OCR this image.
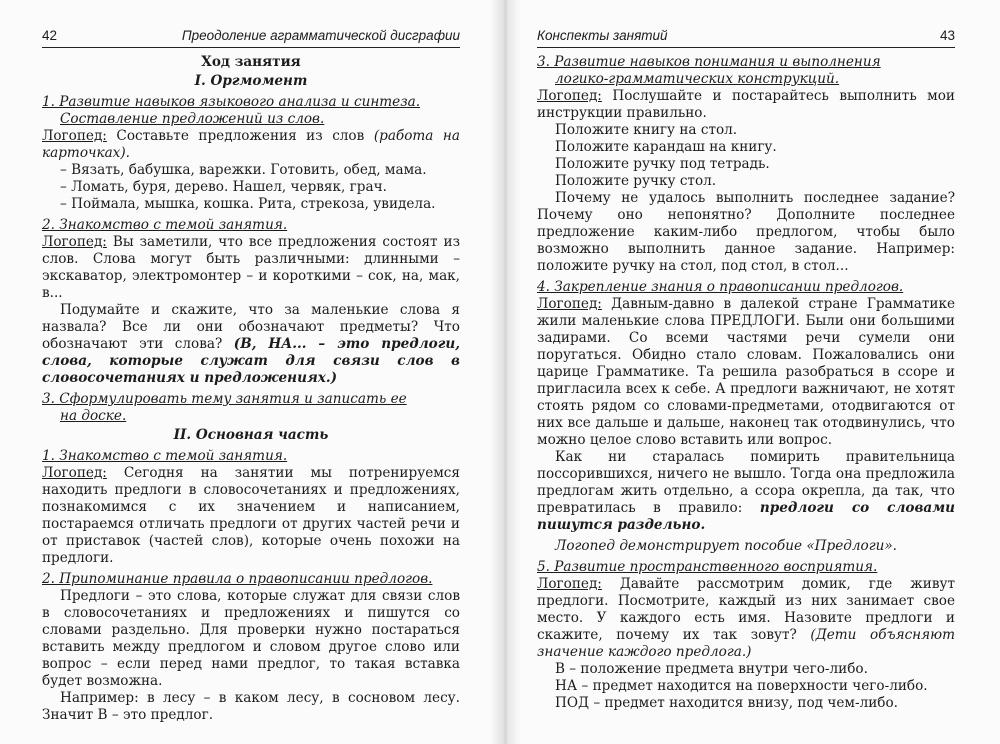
42	Преодоление аграмматической дисграфии

Ход занятия

I. Оргмомент

1. Развитие навыков языкового анализа и синтеза.
Составление предложений из слов.

Логопед: Составьте предложения из слов (работа на карточках).

– Вязать, бабушка, варежки. Готовить, обед, мама.

– Ломать, буря, дерево. Нашел, червяк, грач.

– Поймала, мышка, кошка. Рита, стрекоза, увидела.

2. Знакомство с темой занятия.

Логопед: Вы заметили, что все предложения состоят из слов. Слова могут быть различными: длинными – экскаватор, электромонтер – и короткими – сок, на, мак, в...

Подумайте и скажите, что за маленькие слова я назвала? Все ли они обозначают предметы? Что обозначают эти слова? (В, НА... – это предлоги, слова, которые служат для связи слов в словосочетаниях и предложениях.)

3. Сформулировать тему занятия и записать ее
на доске.

II. Основная часть

1. Знакомство с темой занятия.

Логопед: Сегодня на занятии мы потренируемся находить предлоги в словосочетаниях и предложениях, познакомимся с их значением и написанием, постараемся отличать предлоги от других частей речи и от приставок (частей слов), которые очень похожи на предлоги.

2. Припоминание правила о правописании предлогов.

Предлоги – это слова, которые служат для связи слов в словосочетаниях и предложениях и пишутся со словами раздельно. Для проверки нужно постараться вставить между предлогом и словом другое слово или вопрос – если перед нами предлог, то такая вставка будет возможна.

Например: в лесу – в каком лесу, в сосновом лесу. Значит В – это предлог.

Конспекты занятий	43

3. Развитие навыков понимания и выполнения
логико-грамматических конструкций.

Логопед: Послушайте и постарайтесь выполнить мои инструкции правильно.

Положите книгу на стол.

Положите карандаш на книгу.

Положите ручку под тетрадь.

Положите ручку стол.

Почему не удалось выполнить последнее задание? Почему оно непонятно? Дополните последнее предложение каким-либо предлогом, чтобы было возможно выполнить данное задание. Например: положите ручку на стол, под стол, в стол...

4. Закрепление знания о правописании предлогов.

Логопед: Давным-давно в далекой стране Грамматике жили маленькие слова ПРЕДЛОГИ. Были они большими задирами. Со всеми частями речи сумели они поругаться. Обидно стало словам. Пожаловались они царице Грамматике. Та решила разобраться в ссоре и пригласила всех к себе. А предлоги важничают, не хотят стоять рядом со словами-предметами, отодвигаются от них все дальше и дальше, наконец так отодвинулись, что можно целое слово вставить или вопрос.

Как ни старалась помирить правительница поссорившихся, ничего не вышло. Тогда она предложила предлогам жить отдельно, а ссора окрепла, да так, что превратилась в правило: предлоги со словами пишутся раздельно.

Логопед демонстрирует пособие «Предлоги».

5. Развитие пространственного восприятия.

Логопед: Давайте рассмотрим домик, где живут предлоги. Посмотрите, каждый из них занимает свое место. У каждого есть имя. Назовите предлоги и скажите, почему их так зовут? (Дети объясняют значение каждого предлога.)

В – положение предмета внутри чего-либо.

НА – предмет находится на поверхности чего-либо.

ПОД – предмет находится внизу, под чем-либо.
